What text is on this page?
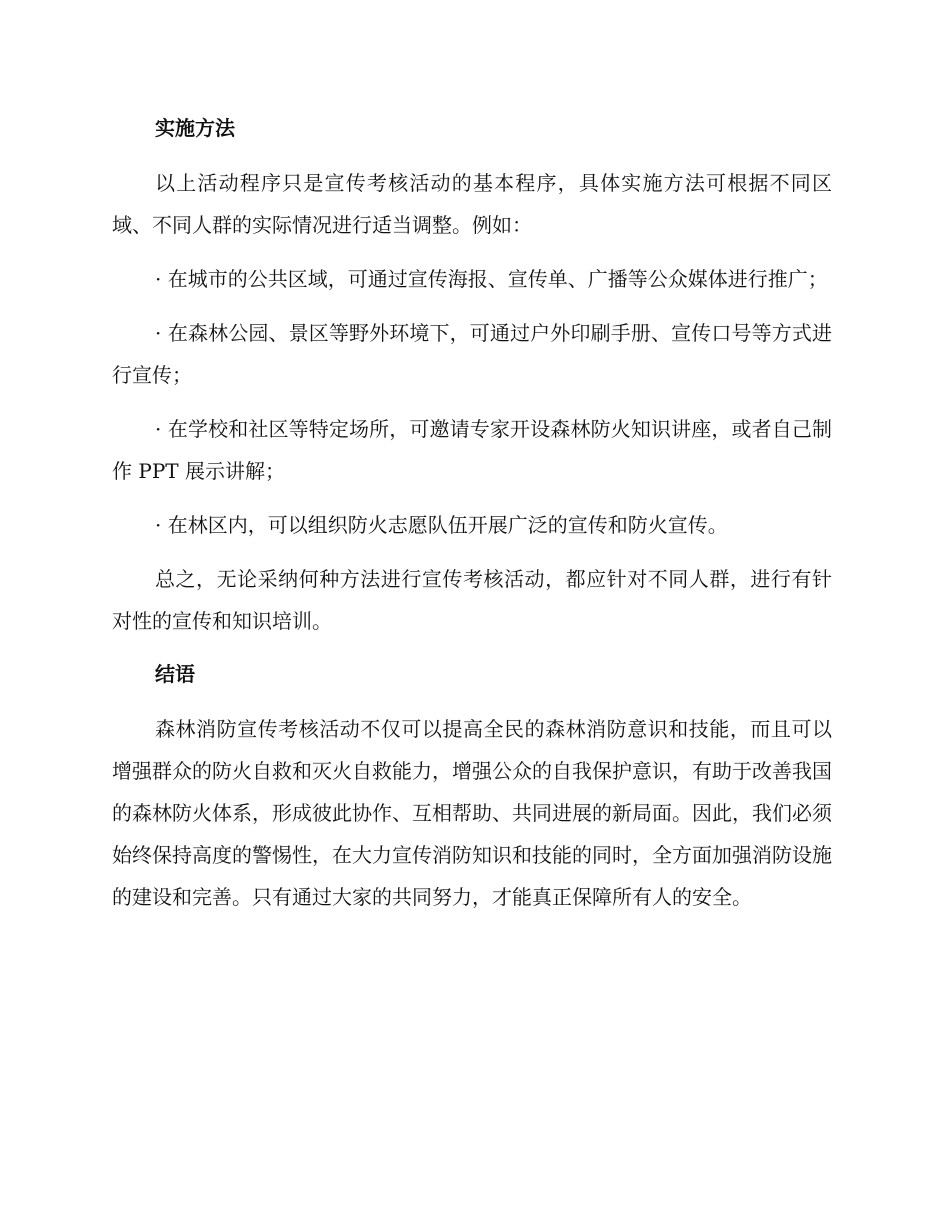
实施方法

以上活动程序只是宣传考核活动的基本程序，具体实施方法可根据不同区域、不同人群的实际情况进行适当调整。例如：

· 在城市的公共区域，可通过宣传海报、宣传单、广播等公众媒体进行推广；

· 在森林公园、景区等野外环境下，可通过户外印刷手册、宣传口号等方式进行宣传；

· 在学校和社区等特定场所，可邀请专家开设森林防火知识讲座，或者自己制作 PPT 展示讲解；

· 在林区内，可以组织防火志愿队伍开展广泛的宣传和防火宣传。

总之，无论采纳何种方法进行宣传考核活动，都应针对不同人群，进行有针对性的宣传和知识培训。

结语

森林消防宣传考核活动不仅可以提高全民的森林消防意识和技能，而且可以增强群众的防火自救和灭火自救能力，增强公众的自我保护意识，有助于改善我国的森林防火体系，形成彼此协作、互相帮助、共同进展的新局面。因此，我们必须始终保持高度的警惕性，在大力宣传消防知识和技能的同时，全方面加强消防设施的建设和完善。只有通过大家的共同努力，才能真正保障所有人的安全。
